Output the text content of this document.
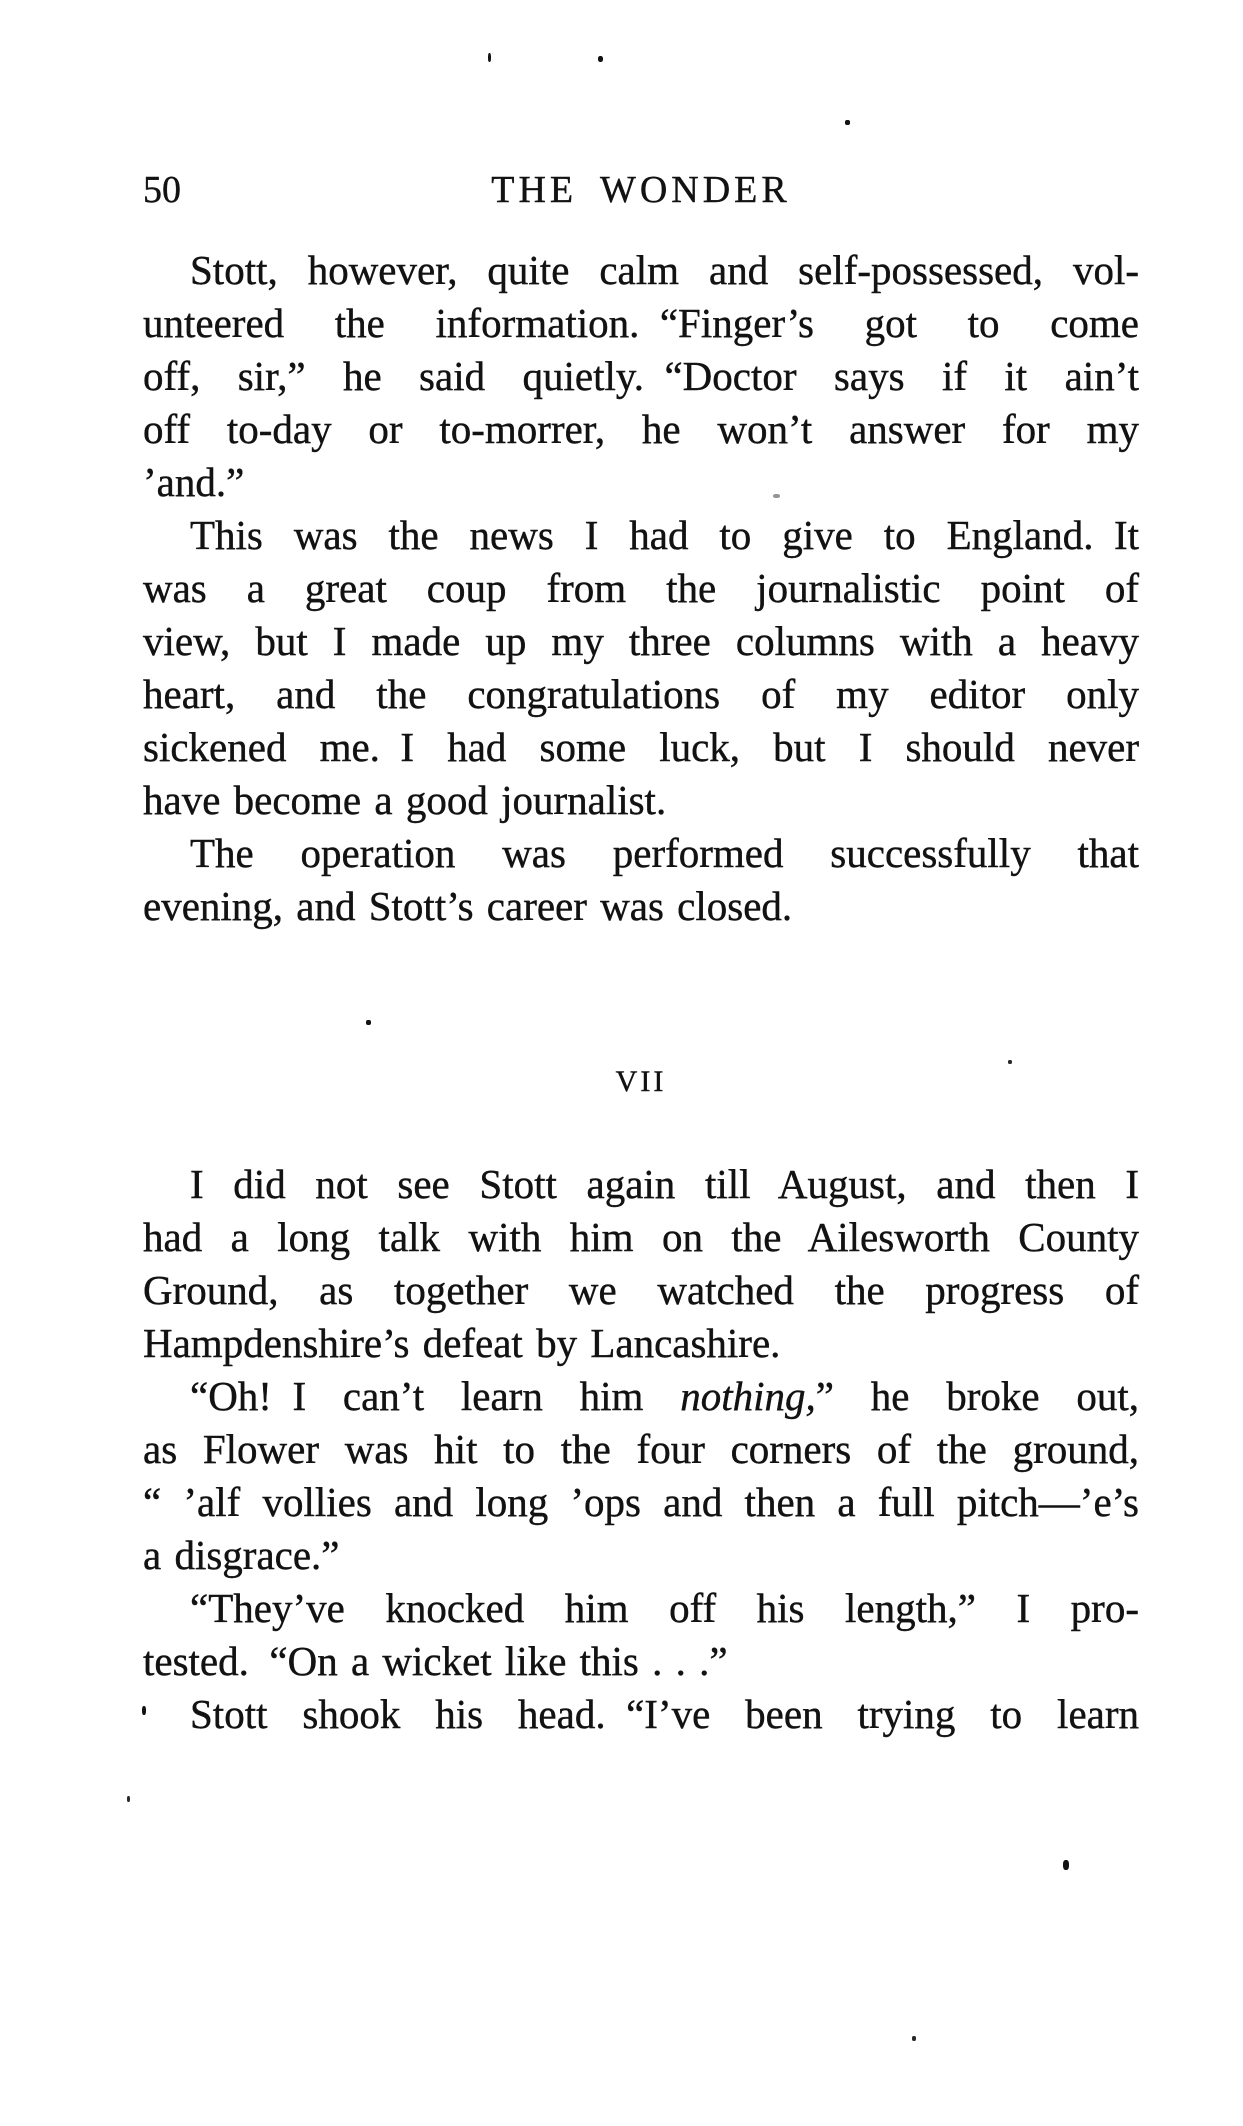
50	THE WONDER
Stott, however, quite calm and self-possessed, vol-
unteered the information. “Finger’s got to come
off, sir,” he said quietly. “Doctor says if it ain’t
off to-day or to-morrer, he won’t answer for my
’and.”
This was the news I had to give to England. It
was a great coup from the journalistic point of
view, but I made up my three columns with a heavy
heart, and the congratulations of my editor only
sickened me. I had some luck, but I should never
have become a good journalist.
The operation was performed successfully that
evening, and Stott’s career was closed.
VII
I did not see Stott again till August, and then I
had a long talk with him on the Ailesworth County
Ground, as together we watched the progress of
Hampdenshire’s defeat by Lancashire.
“Oh! I can’t learn him nothing,” he broke out,
as Flower was hit to the four corners of the ground,
“ ’alf vollies and long ’ops and then a full pitch—’e’s
a disgrace.”
“They’ve knocked him off his length,” I pro-
tested. “On a wicket like this . . .”
Stott shook his head. “I’ve been trying to learn
